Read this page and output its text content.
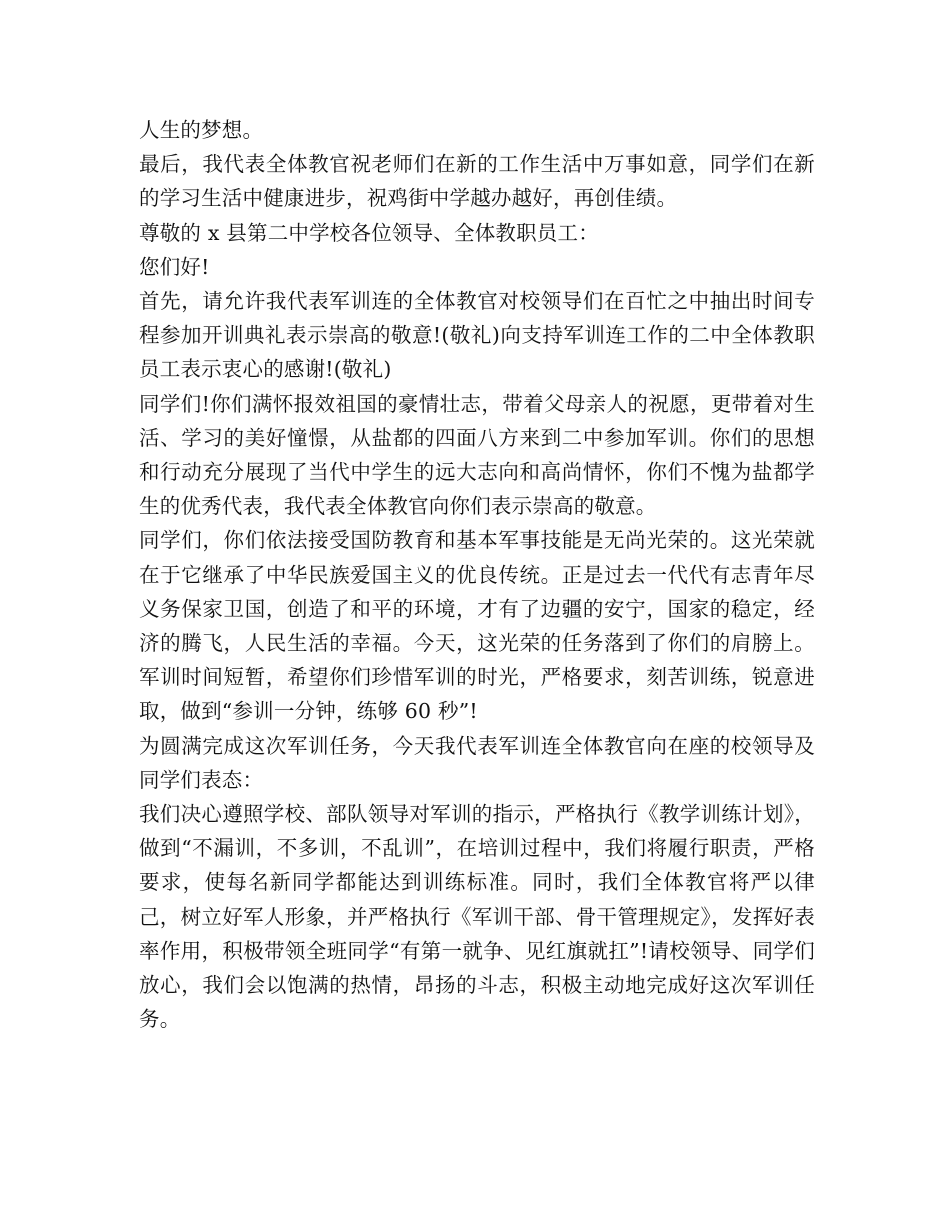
人生的梦想。

最后，我代表全体教官祝老师们在新的工作生活中万事如意，同学们在新的学习生活中健康进步，祝鸡街中学越办越好，再创佳绩。

尊敬的 x 县第二中学校各位领导、全体教职员工：

您们好!

首先，请允许我代表军训连的全体教官对校领导们在百忙之中抽出时间专程参加开训典礼表示崇高的敬意!(敬礼)向支持军训连工作的二中全体教职员工表示衷心的感谢!(敬礼)

同学们!你们满怀报效祖国的豪情壮志，带着父母亲人的祝愿，更带着对生活、学习的美好憧憬，从盐都的四面八方来到二中参加军训。你们的思想和行动充分展现了当代中学生的远大志向和高尚情怀，你们不愧为盐都学生的优秀代表，我代表全体教官向你们表示崇高的敬意。

同学们，你们依法接受国防教育和基本军事技能是无尚光荣的。这光荣就在于它继承了中华民族爱国主义的优良传统。正是过去一代代有志青年尽义务保家卫国，创造了和平的环境，才有了边疆的安宁，国家的稳定，经济的腾飞，人民生活的幸福。今天，这光荣的任务落到了你们的肩膀上。军训时间短暂，希望你们珍惜军训的时光，严格要求，刻苦训练，锐意进取，做到“参训一分钟，练够 60 秒”!

为圆满完成这次军训任务，今天我代表军训连全体教官向在座的校领导及同学们表态：

我们决心遵照学校、部队领导对军训的指示，严格执行《教学训练计划》，做到“不漏训，不多训，不乱训”，在培训过程中，我们将履行职责，严格要求，使每名新同学都能达到训练标准。同时，我们全体教官将严以律己，树立好军人形象，并严格执行《军训干部、骨干管理规定》，发挥好表率作用，积极带领全班同学“有第一就争、见红旗就扛”!请校领导、同学们放心，我们会以饱满的热情，昂扬的斗志，积极主动地完成好这次军训任务。
